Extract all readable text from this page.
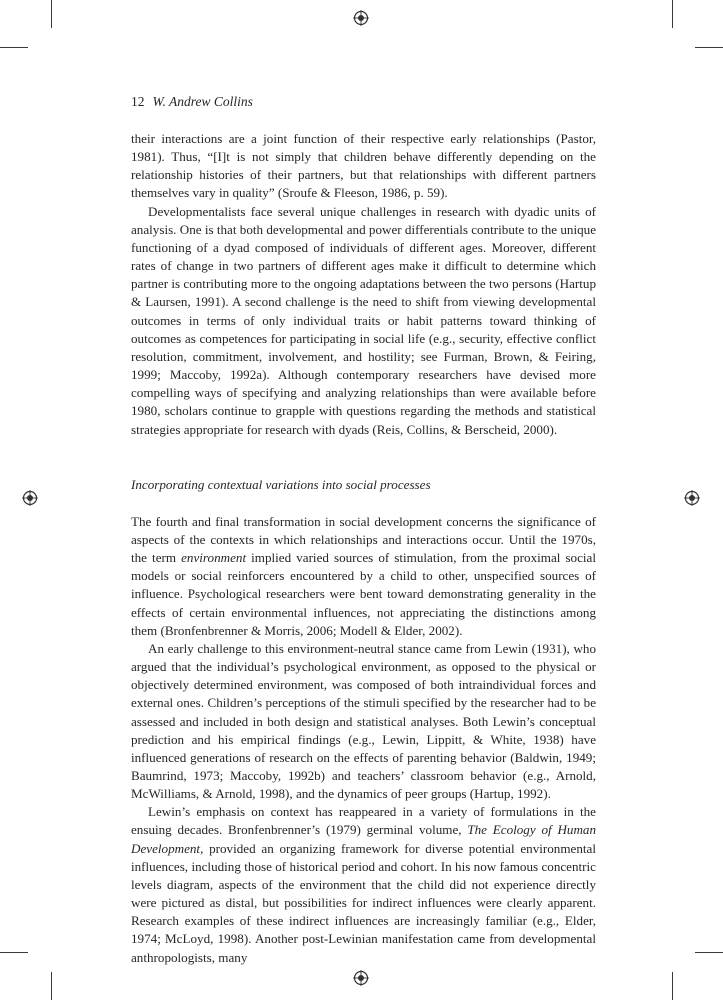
12 W. Andrew Collins

their interactions are a joint function of their respective early relationships (Pastor, 1981). Thus, “[I]t is not simply that children behave differently depending on the relationship histories of their partners, but that relationships with different partners themselves vary in quality” (Sroufe & Fleeson, 1986, p. 59).

Developmentalists face several unique challenges in research with dyadic units of analysis. One is that both developmental and power differentials contribute to the unique functioning of a dyad composed of individuals of different ages. Moreover, different rates of change in two partners of different ages make it difficult to determine which partner is contributing more to the ongoing adaptations between the two persons (Hartup & Laursen, 1991). A second challenge is the need to shift from viewing developmental outcomes in terms of only individual traits or habit patterns toward thinking of outcomes as competences for participating in social life (e.g., security, effective conflict resolution, commitment, involvement, and hostility; see Furman, Brown, & Feiring, 1999; Maccoby, 1992a). Although contemporary researchers have devised more compelling ways of specifying and analyzing relationships than were available before 1980, scholars continue to grapple with questions regarding the methods and statistical strategies appropriate for research with dyads (Reis, Collins, & Berscheid, 2000).

Incorporating contextual variations into social processes

The fourth and final transformation in social development concerns the significance of aspects of the contexts in which relationships and interactions occur. Until the 1970s, the term environment implied varied sources of stimulation, from the proximal social models or social reinforcers encountered by a child to other, unspecified sources of influence. Psychological researchers were bent toward demonstrating generality in the effects of certain environmental influences, not appreciating the distinctions among them (Bronfenbrenner & Morris, 2006; Modell & Elder, 2002).

An early challenge to this environment-neutral stance came from Lewin (1931), who argued that the individual’s psychological environment, as opposed to the physical or objectively determined environment, was composed of both intraindividual forces and external ones. Children’s perceptions of the stimuli specified by the researcher had to be assessed and included in both design and statistical analyses. Both Lewin’s conceptual prediction and his empirical findings (e.g., Lewin, Lippitt, & White, 1938) have influenced generations of research on the effects of parenting behavior (Baldwin, 1949; Baumrind, 1973; Maccoby, 1992b) and teachers’ classroom behavior (e.g., Arnold, McWilliams, & Arnold, 1998), and the dynamics of peer groups (Hartup, 1992).

Lewin’s emphasis on context has reappeared in a variety of formulations in the ensuing decades. Bronfenbrenner’s (1979) germinal volume, The Ecology of Human Development, provided an organizing framework for diverse potential environmental influences, including those of historical period and cohort. In his now famous concentric levels diagram, aspects of the environment that the child did not experience directly were pictured as distal, but possibilities for indirect influences were clearly apparent. Research examples of these indirect influences are increasingly familiar (e.g., Elder, 1974; McLoyd, 1998). Another post-Lewinian manifestation came from developmental anthropologists, many
